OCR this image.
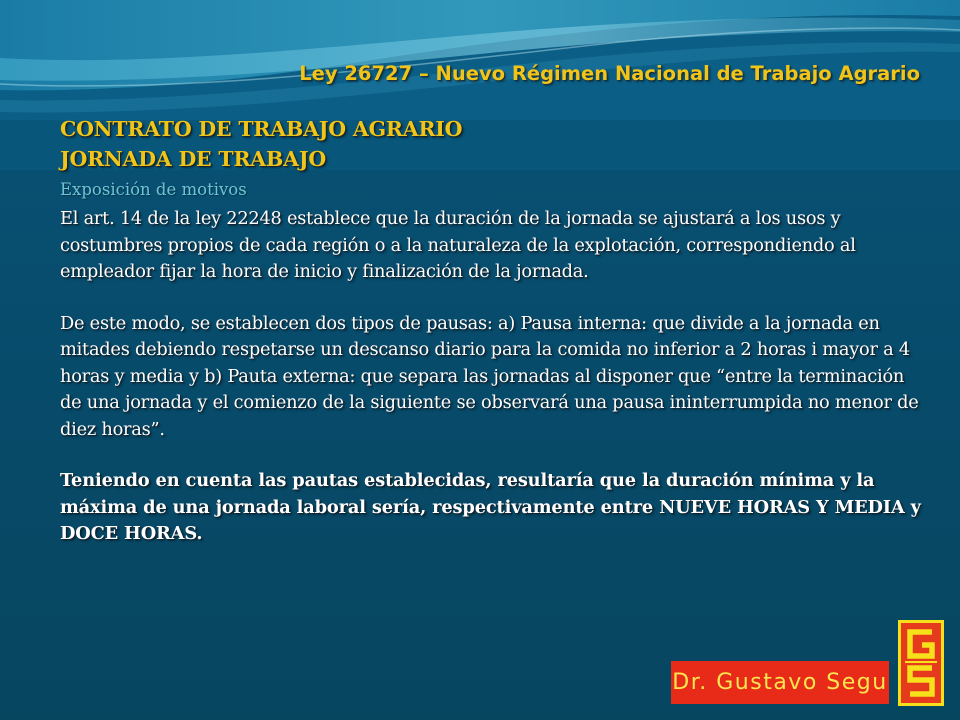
Ley 26727 – Nuevo Régimen Nacional de Trabajo Agrario
CONTRATO DE TRABAJO AGRARIO
JORNADA DE TRABAJO
Exposición de motivos

El art. 14 de la ley 22248 establece que la duración de la jornada se ajustará a los usos y costumbres propios de cada región o a la naturaleza de la explotación, correspondiendo al empleador fijar la hora de inicio y finalización de la jornada.

De este modo, se establecen dos tipos de pausas: a) Pausa interna: que divide a la jornada en mitades debiendo respetarse un descanso diario para la comida no inferior a 2 horas i mayor a 4 horas y media y b) Pauta externa: que separa las jornadas al disponer que “entre la terminación de una jornada y el comienzo de la siguiente se observará una pausa ininterrumpida no menor de diez horas”.

Teniendo en cuenta las pautas establecidas, resultaría que la duración mínima y la máxima de una jornada laboral sería, respectivamente entre NUEVE HORAS Y MEDIA y DOCE HORAS.

Dr. Gustavo Segu
